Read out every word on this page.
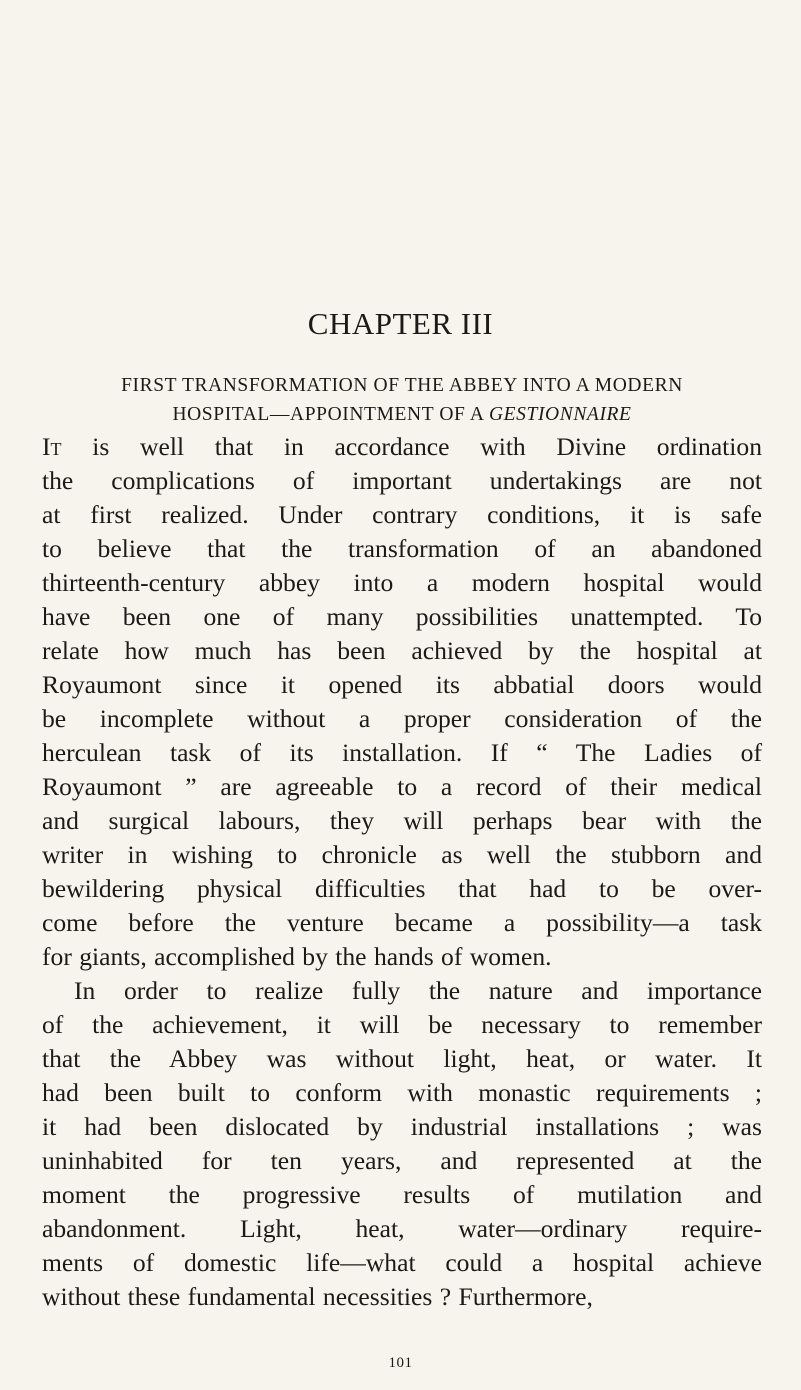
CHAPTER III
FIRST TRANSFORMATION OF THE ABBEY INTO A MODERN
HOSPITAL—APPOINTMENT OF A GESTIONNAIRE
It is well that in accordance with Divine ordination
the complications of important undertakings are not
at first realized. Under contrary conditions, it is safe
to believe that the transformation of an abandoned
thirteenth-century abbey into a modern hospital would
have been one of many possibilities unattempted. To
relate how much has been achieved by the hospital at
Royaumont since it opened its abbatial doors would
be incomplete without a proper consideration of the
herculean task of its installation. If “ The Ladies of
Royaumont ” are agreeable to a record of their medical
and surgical labours, they will perhaps bear with the
writer in wishing to chronicle as well the stubborn and
bewildering physical difficulties that had to be over-
come before the venture became a possibility—a task
for giants, accomplished by the hands of women.
In order to realize fully the nature and importance
of the achievement, it will be necessary to remember
that the Abbey was without light, heat, or water. It
had been built to conform with monastic requirements ;
it had been dislocated by industrial installations ; was
uninhabited for ten years, and represented at the
moment the progressive results of mutilation and
abandonment. Light, heat, water—ordinary require-
ments of domestic life—what could a hospital achieve
without these fundamental necessities ? Furthermore,
101
